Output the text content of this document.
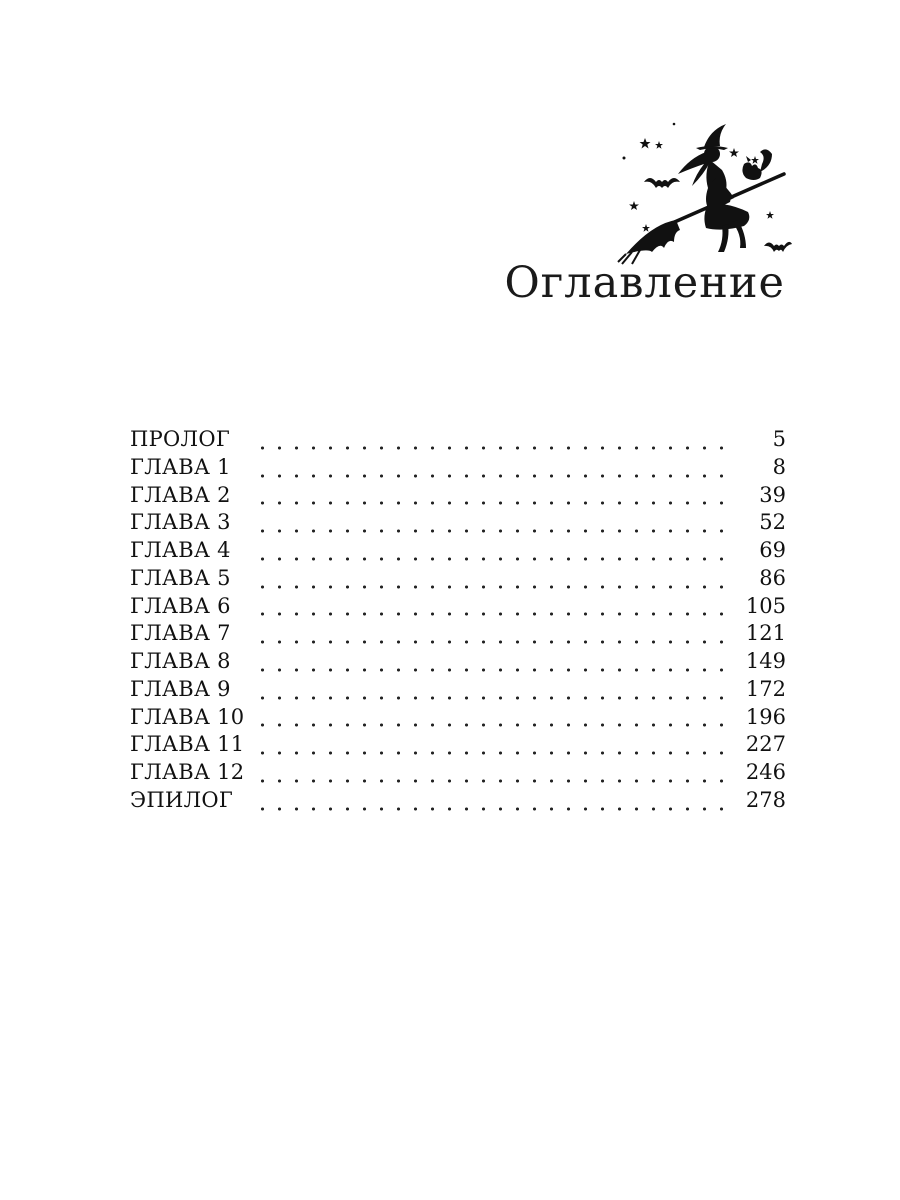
Оглавление
ПРОЛОГ	5
ГЛАВА 1	8
ГЛАВА 2	39
ГЛАВА 3	52
ГЛАВА 4	69
ГЛАВА 5	86
ГЛАВА 6	105
ГЛАВА 7	121
ГЛАВА 8	149
ГЛАВА 9	172
ГЛАВА 10	196
ГЛАВА 11	227
ГЛАВА 12	246
ЭПИЛОГ	278
